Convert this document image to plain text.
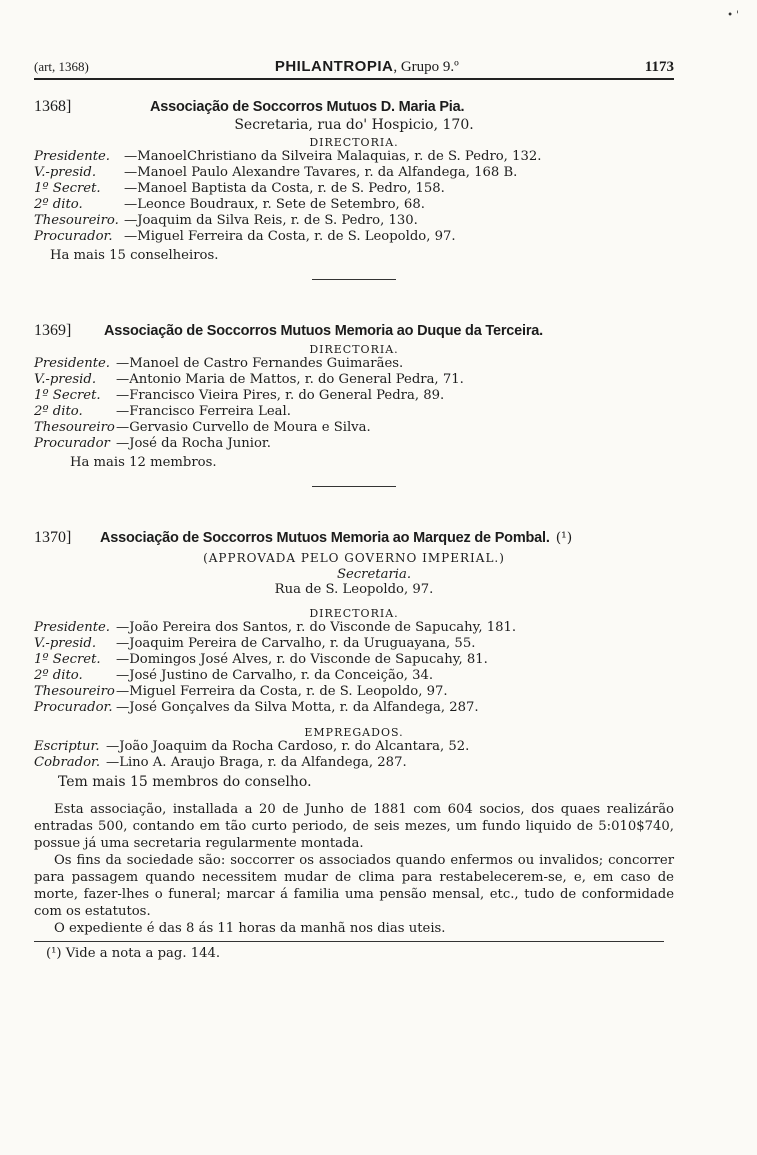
• '
(art, 1368)	PHILANTROPIA, Grupo 9.º	1173
1368]	Associação de Soccorros Mutuos D. Maria Pia.
Secretaria, rua do' Hospicio, 170.
DIRECTORIA.
Presidente.	—ManoelChristiano da Silveira Malaquias, r. de S. Pedro, 132.
V.-presid.	—Manoel Paulo Alexandre Tavares, r. da Alfandega, 168 B.
1º Secret.	—Manoel Baptista da Costa, r. de S. Pedro, 158.
2º dito.	—Leonce Boudraux, r. Sete de Setembro, 68.
Thesoureiro. —Joaquim da Silva Reis, r. de S. Pedro, 130.
Procurador. —Miguel Ferreira da Costa, r. de S. Leopoldo, 97.
Ha mais 15 conselheiros.
1369]	Associação de Soccorros Mutuos Memoria ao Duque da Terceira.
DIRECTORIA.
Presidente. —Manoel de Castro Fernandes Guimarães.
V.-presid.	—Antonio Maria de Mattos, r. do General Pedra, 71.
1º Secret.	—Francisco Vieira Pires, r. do General Pedra, 89.
2º dito.	—Francisco Ferreira Leal.
Thesoureiro —Gervasio Curvello de Moura e Silva.
Procurador —José da Rocha Junior.
Ha mais 12 membros.
1370]	Associação de Soccorros Mutuos Memoria ao Marquez de Pombal. (¹)
(APPROVADA PELO GOVERNO IMPERIAL.)
Secretaria.
Rua de S. Leopoldo, 97.
DIRECTORIA.
Presidente. —João Pereira dos Santos, r. do Visconde de Sapucahy, 181.
V.-presid.	—Joaquim Pereira de Carvalho, r. da Uruguayana, 55.
1º Secret.	—Domingos José Alves, r. do Visconde de Sapucahy, 81.
2º dito.	—José Justino de Carvalho, r. da Conceição, 34.
Thesoureiro —Miguel Ferreira da Costa, r. de S. Leopoldo, 97.
Procurador. —José Gonçalves da Silva Motta, r. da Alfandega, 287.
EMPREGADOS.
Escriptur. —João Joaquim da Rocha Cardoso, r. do Alcantara, 52.
Cobrador. —Lino A. Araujo Braga, r. da Alfandega, 287.
Tem mais 15 membros do conselho.
Esta associação, installada a 20 de Junho de 1881 com 604 socios, dos quaes realizárão entradas 500, contando em tão curto periodo, de seis mezes, um fundo liquido de 5:010$740, possue já uma secretaria regularmente montada.
Os fins da sociedade são: soccorrer os associados quando enfermos ou invalidos; concorrer para passagem quando necessitem mudar de clima para restabelecerem-se, e, em caso de morte, fazer-lhes o funeral; marcar á familia uma pensão mensal, etc., tudo de conformidade com os estatutos.
O expediente é das 8 ás 11 horas da manhã nos dias uteis.
(¹) Vide a nota a pag. 144.
